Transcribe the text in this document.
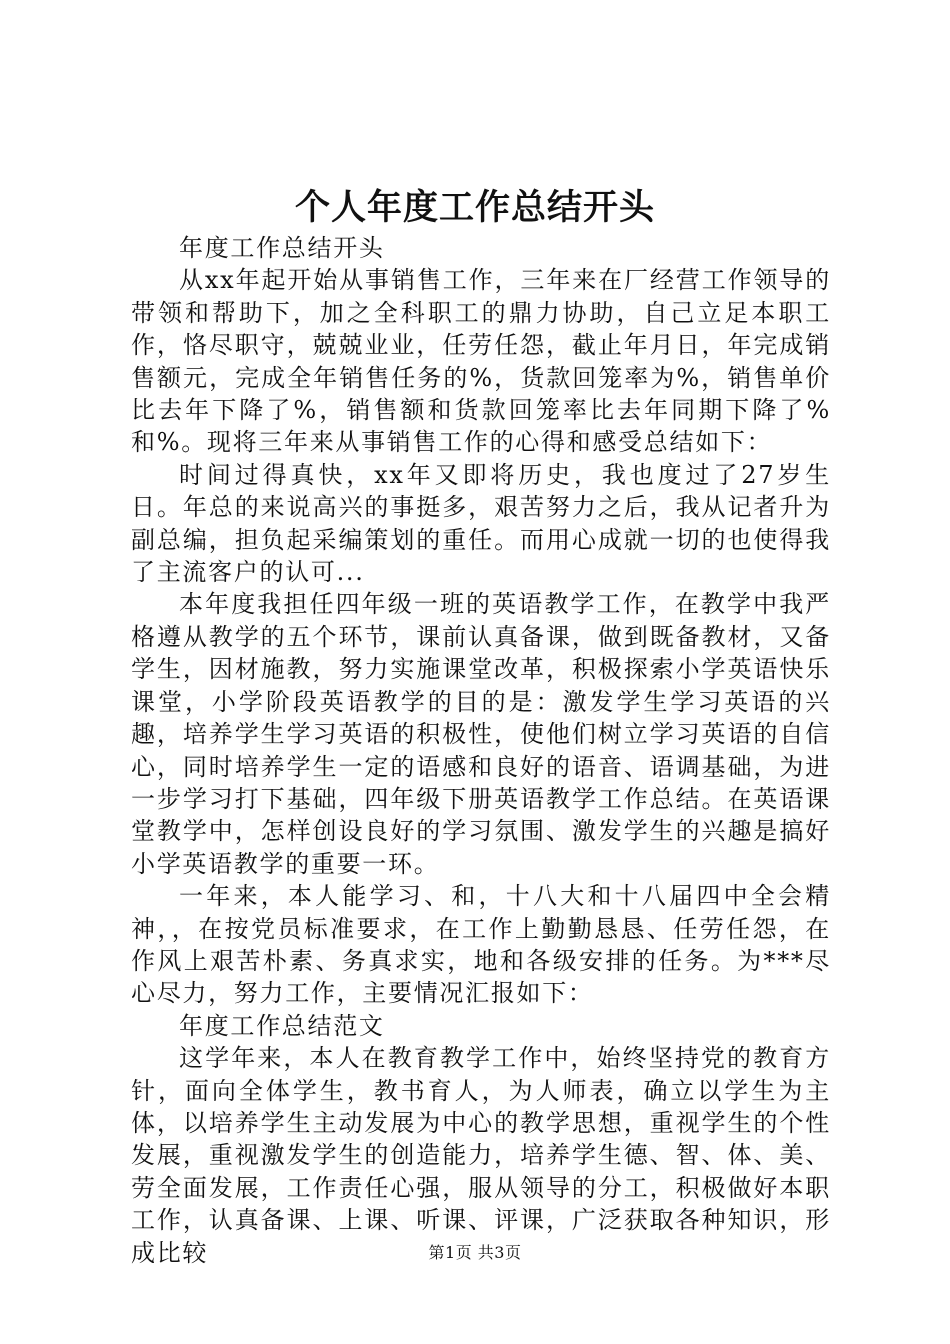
个人年度工作总结开头

年度工作总结开头

从xx年起开始从事销售工作，三年来在厂经营工作领导的带领和帮助下，加之全科职工的鼎力协助，自己立足本职工作，恪尽职守，兢兢业业，任劳任怨，截止年月日，年完成销售额元，完成全年销售任务的%，货款回笼率为%，销售单价比去年下降了%，销售额和货款回笼率比去年同期下降了%和%。现将三年来从事销售工作的心得和感受总结如下：

时间过得真快，xx年又即将历史，我也度过了27岁生日。年总的来说高兴的事挺多，艰苦努力之后，我从记者升为副总编，担负起采编策划的重任。而用心成就一切的也使得我了主流客户的认可...

本年度我担任四年级一班的英语教学工作，在教学中我严格遵从教学的五个环节，课前认真备课，做到既备教材，又备学生，因材施教，努力实施课堂改革，积极探索小学英语快乐课堂，小学阶段英语教学的目的是：激发学生学习英语的兴趣，培养学生学习英语的积极性，使他们树立学习英语的自信心，同时培养学生一定的语感和良好的语音、语调基础，为进一步学习打下基础，四年级下册英语教学工作总结。在英语课堂教学中，怎样创设良好的学习氛围、激发学生的兴趣是搞好小学英语教学的重要一环。

一年来，本人能学习、和，十八大和十八届四中全会精神，，在按党员标准要求，在工作上勤勤恳恳、任劳任怨，在作风上艰苦朴素、务真求实，地和各级安排的任务。为***尽心尽力，努力工作，主要情况汇报如下：

年度工作总结范文

这学年来，本人在教育教学工作中，始终坚持党的教育方针，面向全体学生，教书育人，为人师表，确立以学生为主体，以培养学生主动发展为中心的教学思想，重视学生的个性发展，重视激发学生的创造能力，培养学生德、智、体、美、劳全面发展，工作责任心强，服从领导的分工，积极做好本职工作，认真备课、上课、听课、评课，广泛获取各种知识，形成比较	第1页 共3页
